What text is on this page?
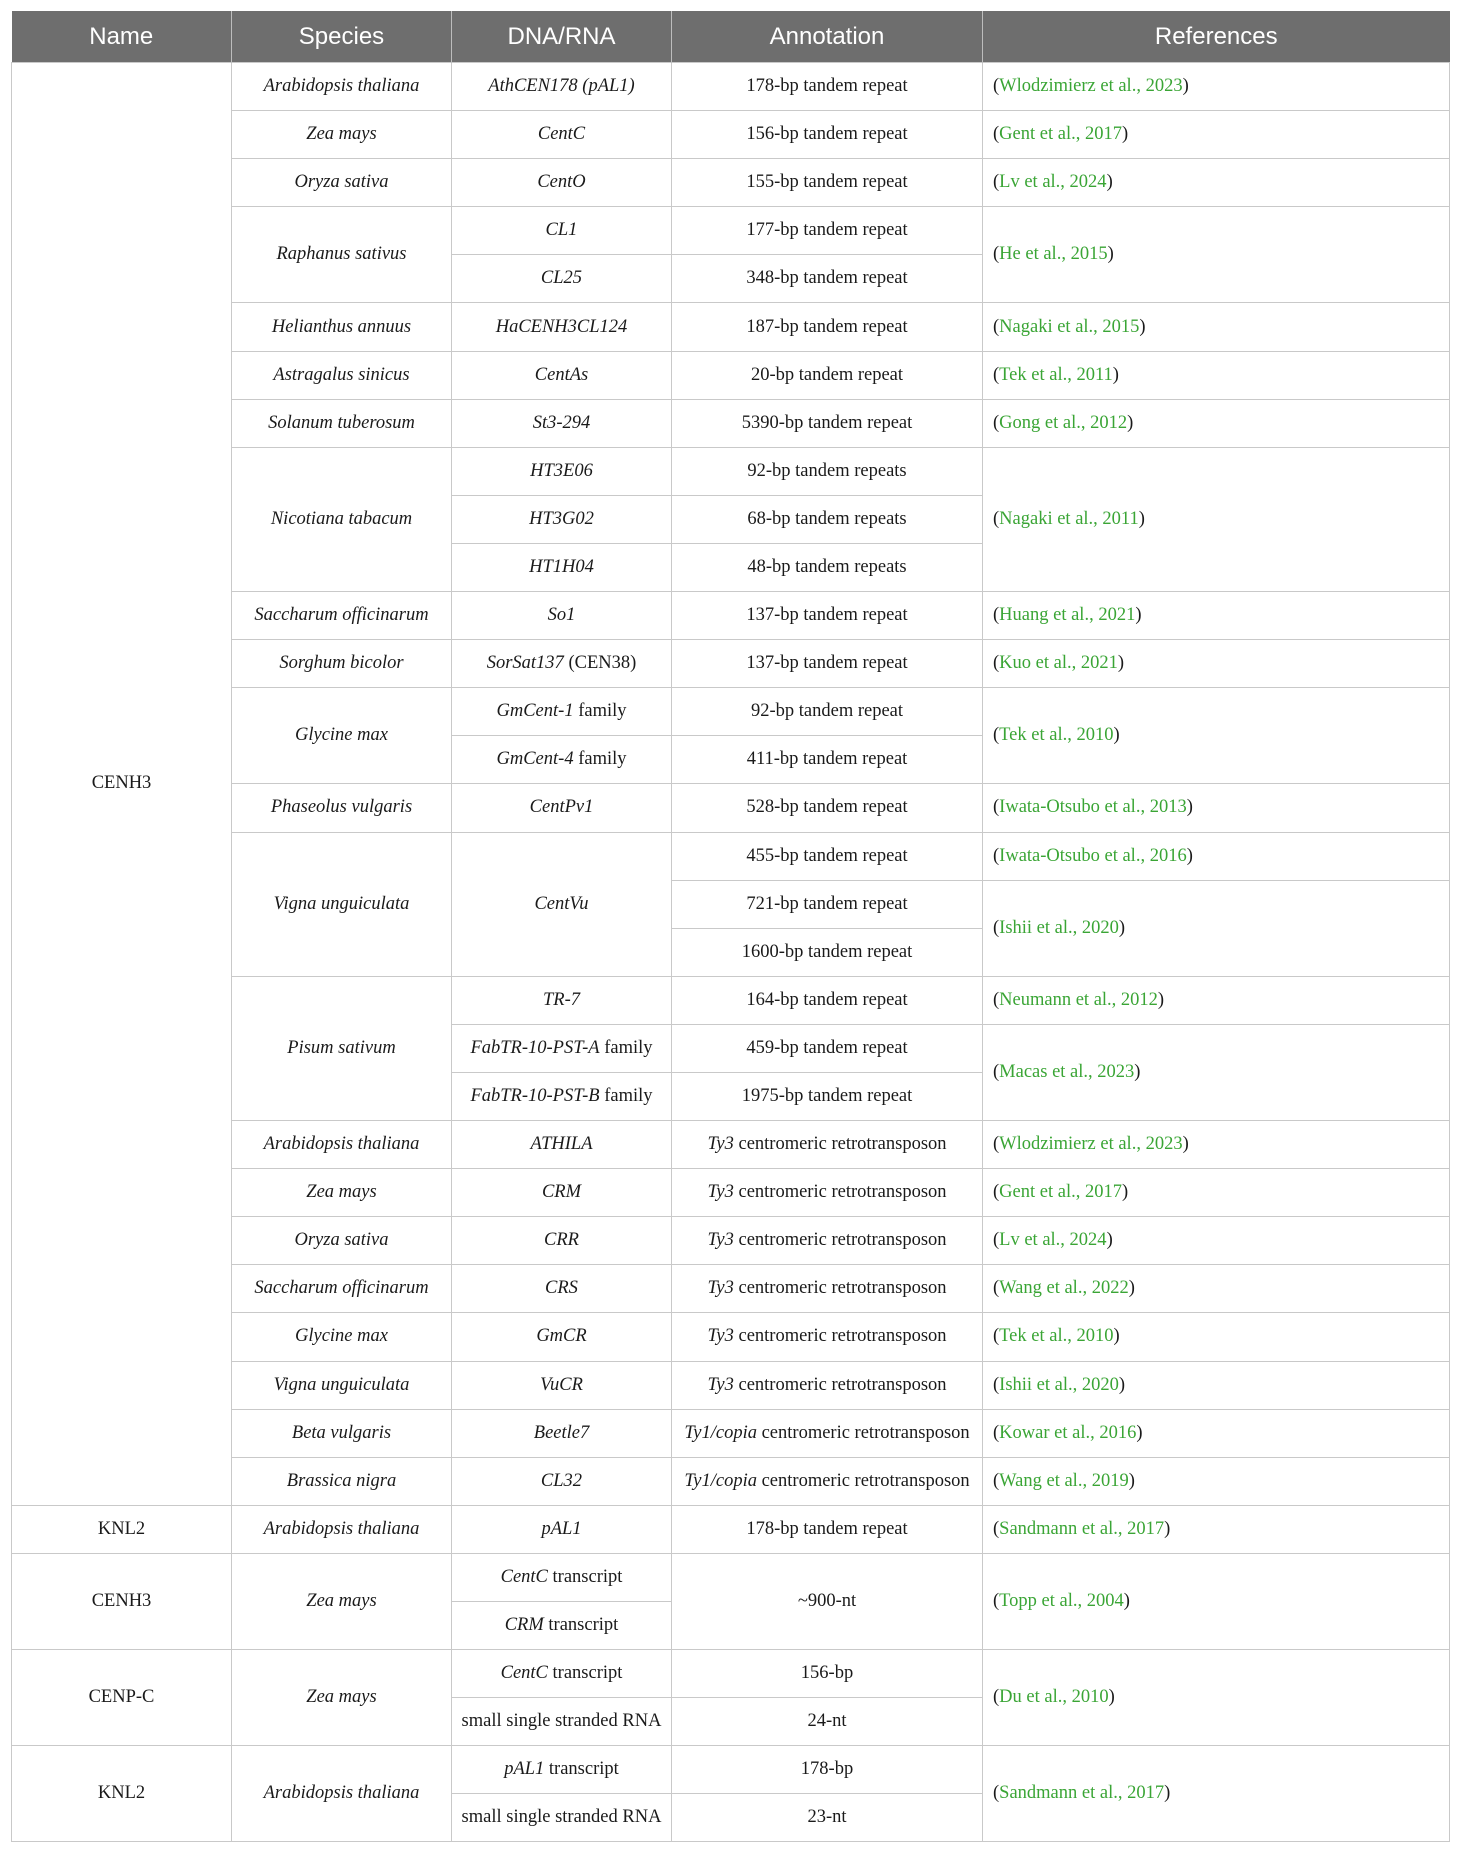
Name	Species	DNA/RNA	Annotation	References
CENH3	Arabidopsis thaliana	AthCEN178 (pAL1)	178-bp tandem repeat	(Wlodzimierz et al., 2023)
	Zea mays	CentC	156-bp tandem repeat	(Gent et al., 2017)
	Oryza sativa	CentO	155-bp tandem repeat	(Lv et al., 2024)
	Raphanus sativus	CL1	177-bp tandem repeat	(He et al., 2015)
		CL25	348-bp tandem repeat	
	Helianthus annuus	HaCENH3CL124	187-bp tandem repeat	(Nagaki et al., 2015)
	Astragalus sinicus	CentAs	20-bp tandem repeat	(Tek et al., 2011)
	Solanum tuberosum	St3-294	5390-bp tandem repeat	(Gong et al., 2012)
	Nicotiana tabacum	HT3E06	92-bp tandem repeats	(Nagaki et al., 2011)
		HT3G02	68-bp tandem repeats	
		HT1H04	48-bp tandem repeats	
	Saccharum officinarum	So1	137-bp tandem repeat	(Huang et al., 2021)
	Sorghum bicolor	SorSat137 (CEN38)	137-bp tandem repeat	(Kuo et al., 2021)
	Glycine max	GmCent-1 family	92-bp tandem repeat	(Tek et al., 2010)
		GmCent-4 family	411-bp tandem repeat	
	Phaseolus vulgaris	CentPv1	528-bp tandem repeat	(Iwata-Otsubo et al., 2013)
	Vigna unguiculata	CentVu	455-bp tandem repeat	(Iwata-Otsubo et al., 2016)
			721-bp tandem repeat	(Ishii et al., 2020)
			1600-bp tandem repeat	
	Pisum sativum	TR-7	164-bp tandem repeat	(Neumann et al., 2012)
		FabTR-10-PST-A family	459-bp tandem repeat	(Macas et al., 2023)
		FabTR-10-PST-B family	1975-bp tandem repeat	
	Arabidopsis thaliana	ATHILA	Ty3 centromeric retrotransposon	(Wlodzimierz et al., 2023)
	Zea mays	CRM	Ty3 centromeric retrotransposon	(Gent et al., 2017)
	Oryza sativa	CRR	Ty3 centromeric retrotransposon	(Lv et al., 2024)
	Saccharum officinarum	CRS	Ty3 centromeric retrotransposon	(Wang et al., 2022)
	Glycine max	GmCR	Ty3 centromeric retrotransposon	(Tek et al., 2010)
	Vigna unguiculata	VuCR	Ty3 centromeric retrotransposon	(Ishii et al., 2020)
	Beta vulgaris	Beetle7	Ty1/copia centromeric retrotransposon	(Kowar et al., 2016)
	Brassica nigra	CL32	Ty1/copia centromeric retrotransposon	(Wang et al., 2019)
KNL2	Arabidopsis thaliana	pAL1	178-bp tandem repeat	(Sandmann et al., 2017)
CENH3	Zea mays	CentC transcript	~900-nt	(Topp et al., 2004)
		CRM transcript		
CENP-C	Zea mays	CentC transcript	156-bp	(Du et al., 2010)
		small single stranded RNA	24-nt	
KNL2	Arabidopsis thaliana	pAL1 transcript	178-bp	(Sandmann et al., 2017)
		small single stranded RNA	23-nt	
